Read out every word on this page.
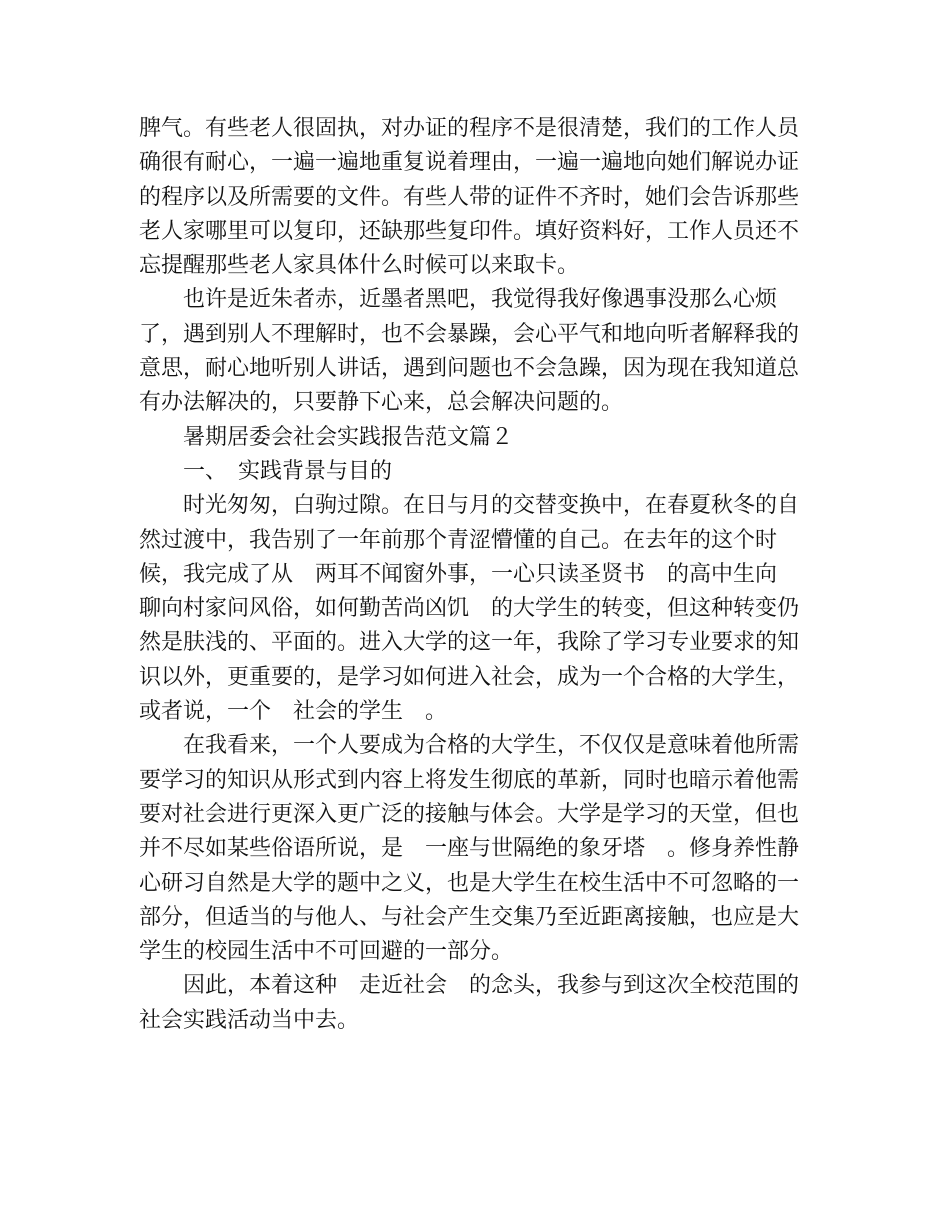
脾气。有些老人很固执，对办证的程序不是很清楚，我们的工作人员确很有耐心，一遍一遍地重复说着理由，一遍一遍地向她们解说办证的程序以及所需要的文件。有些人带的证件不齐时，她们会告诉那些老人家哪里可以复印，还缺那些复印件。填好资料好，工作人员还不忘提醒那些老人家具体什么时候可以来取卡。

也许是近朱者赤，近墨者黑吧，我觉得我好像遇事没那么心烦了，遇到别人不理解时，也不会暴躁，会心平气和地向听者解释我的意思，耐心地听别人讲话，遇到问题也不会急躁，因为现在我知道总有办法解决的，只要静下心来，总会解决问题的。

暑期居委会社会实践报告范文篇２

一、　实践背景与目的

时光匆匆，白驹过隙。在日与月的交替变换中，在春夏秋冬的自然过渡中，我告别了一年前那个青涩懵懂的自己。在去年的这个时候，我完成了从　两耳不闻窗外事，一心只读圣贤书　的高中生向　聊向村家问风俗，如何勤苦尚凶饥　的大学生的转变，但这种转变仍然是肤浅的、平面的。进入大学的这一年，我除了学习专业要求的知识以外，更重要的，是学习如何进入社会，成为一个合格的大学生，或者说，一个　社会的学生　。

在我看来，一个人要成为合格的大学生，不仅仅是意味着他所需要学习的知识从形式到内容上将发生彻底的革新，同时也暗示着他需要对社会进行更深入更广泛的接触与体会。大学是学习的天堂，但也并不尽如某些俗语所说，是　一座与世隔绝的象牙塔　。修身养性静心研习自然是大学的题中之义，也是大学生在校生活中不可忽略的一部分，但适当的与他人、与社会产生交集乃至近距离接触，也应是大学生的校园生活中不可回避的一部分。

因此，本着这种　走近社会　的念头，我参与到这次全校范围的社会实践活动当中去。
